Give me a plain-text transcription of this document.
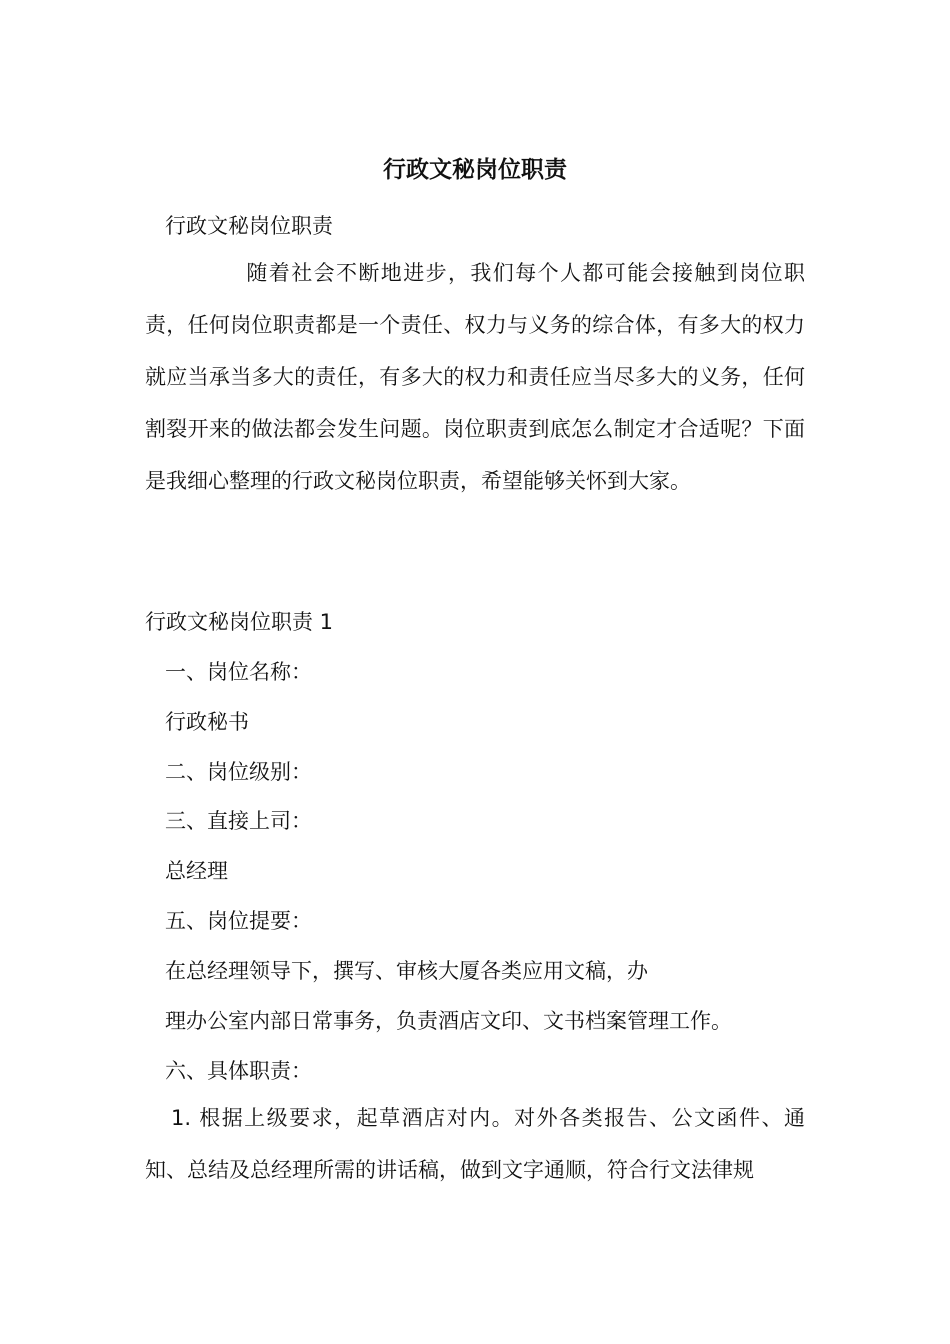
行政文秘岗位职责
行政文秘岗位职责

随着社会不断地进步，我们每个人都可能会接触到岗位职责，任何岗位职责都是一个责任、权力与义务的综合体，有多大的权力就应当承当多大的责任，有多大的权力和责任应当尽多大的义务，任何割裂开来的做法都会发生问题。岗位职责到底怎么制定才合适呢？下面是我细心整理的行政文秘岗位职责，希望能够关怀到大家。

行政文秘岗位职责 1
一、岗位名称：
行政秘书
二、岗位级别：
三、直接上司：
总经理
五、岗位提要：
在总经理领导下，撰写、审核大厦各类应用文稿，办
理办公室内部日常事务，负责酒店文印、文书档案管理工作。
六、具体职责：

1. 根据上级要求，起草酒店对内。对外各类报告、公文函件、通知、总结及总经理所需的讲话稿，做到文字通顺，符合行文法律规
